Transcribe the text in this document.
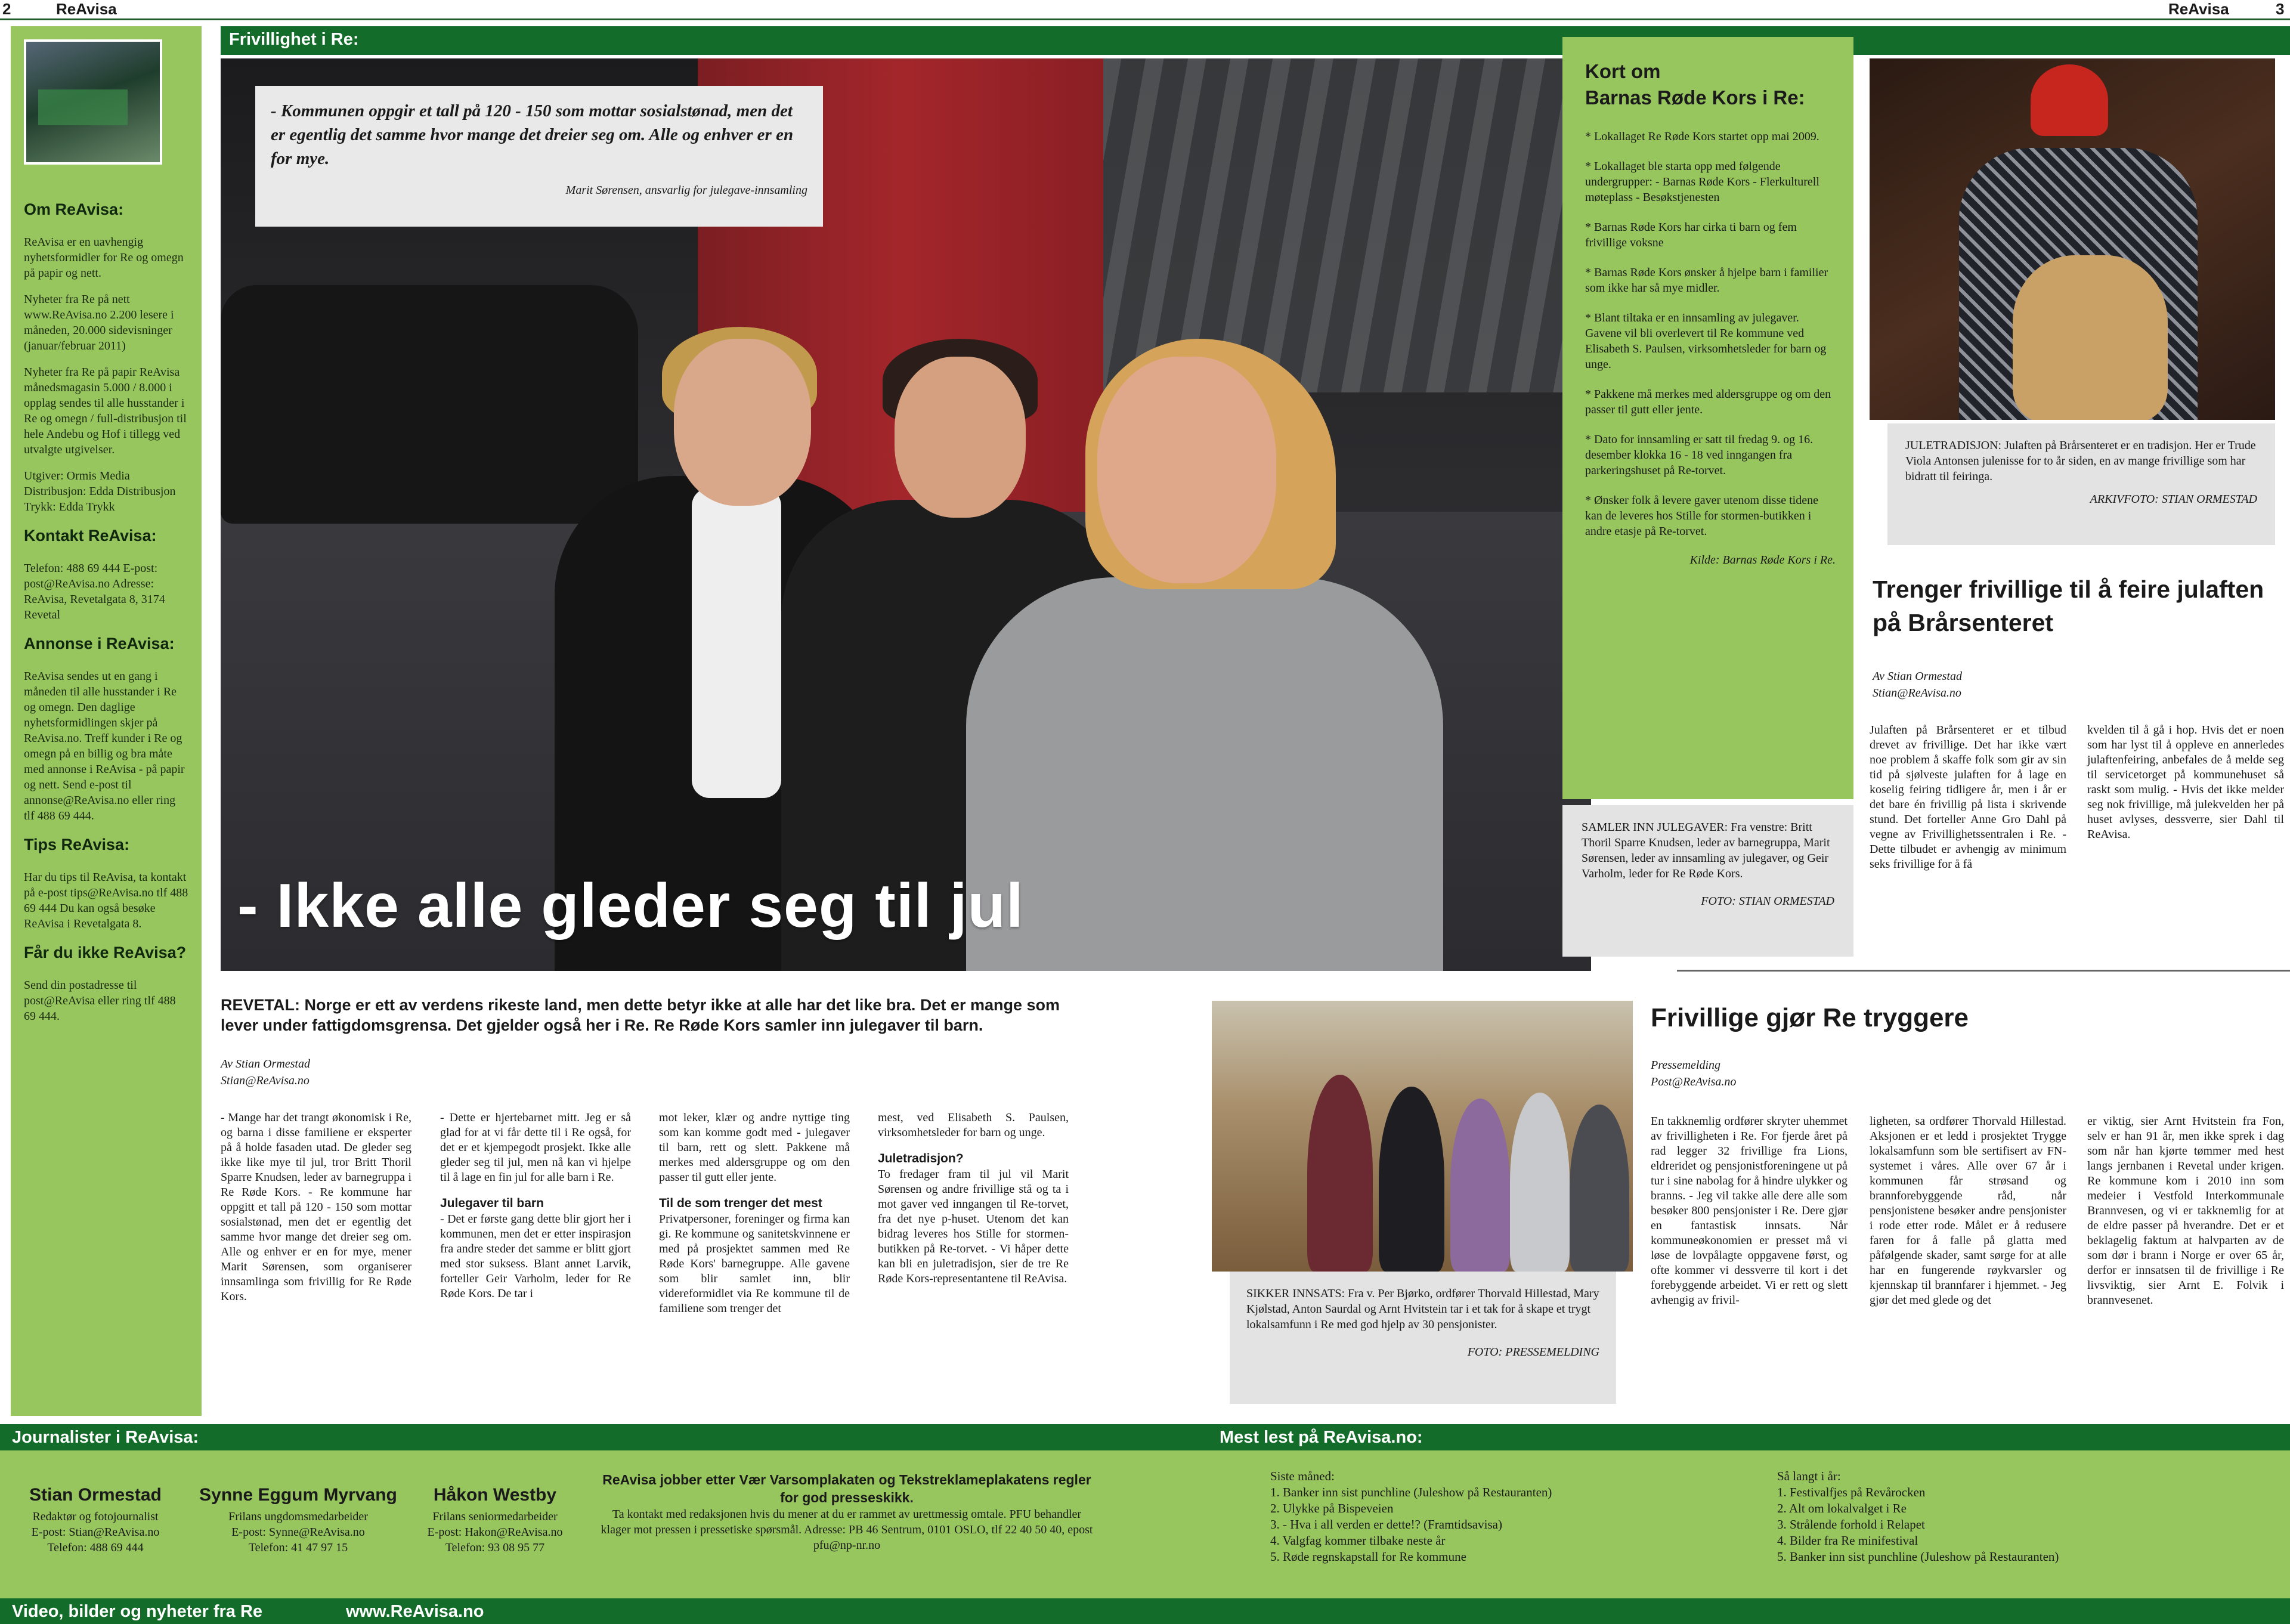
2	ReAvisa	ReAvisa	3
Om ReAvisa:

ReAvisa er en uavhengig nyhetsformidler for Re og omegn på papir og nett.

Nyheter fra Re på nett www.ReAvisa.no 2.200 lesere i måneden, 20.000 sidevisninger (januar/februar 2011)

Nyheter fra Re på papir ReAvisa månedsmagasin 5.000 / 8.000 i opplag sendes til alle husstander i Re og omegn / full-distribusjon til hele Andebu og Hof i tillegg ved utvalgte utgivelser.

Utgiver: Ormis Media Distribusjon: Edda Distribusjon Trykk: Edda Trykk

Kontakt ReAvisa:

Telefon: 488 69 444 E-post: post@ReAvisa.no Adresse: ReAvisa, Revetalgata 8, 3174 Revetal

Annonse i ReAvisa:

ReAvisa sendes ut en gang i måneden til alle husstander i Re og omegn. Den daglige nyhetsformidlingen skjer på ReAvisa.no. Treff kunder i Re og omegn på en billig og bra måte med annonse i ReAvisa - på papir og nett. Send e-post til annonse@ReAvisa.no eller ring tlf 488 69 444.

Tips ReAvisa:

Har du tips til ReAvisa, ta kontakt på e-post tips@ReAvisa.no tlf 488 69 444 Du kan også besøke ReAvisa i Revetalgata 8.

Får du ikke ReAvisa?

Send din postadresse til post@ReAvisa eller ring tlf 488 69 444.

Frivillighet i Re:
- Kommunen oppgir et tall på 120 - 150 som mottar sosialstønad, men det er egentlig det samme hvor mange det dreier seg om. Alle og enhver er en for mye.
Marit Sørensen, ansvarlig for julegave-innsamling
- Ikke alle gleder seg til jul
Kort om
Barnas Røde Kors i Re:
* Lokallaget Re Røde Kors startet opp mai 2009.
* Lokallaget ble starta opp med følgende undergrupper: - Barnas Røde Kors - Flerkulturell møteplass - Besøkstjenesten
* Barnas Røde Kors har cirka ti barn og fem frivillige voksne
* Barnas Røde Kors ønsker å hjelpe barn i familier som ikke har så mye midler.
* Blant tiltaka er en innsamling av julegaver. Gavene vil bli overlevert til Re kommune ved Elisabeth S. Paulsen, virksomhetsleder for barn og unge.
* Pakkene må merkes med aldersgruppe og om den passer til gutt eller jente.
* Dato for innsamling er satt til fredag 9. og 16. desember klokka 16 - 18 ved inngangen fra parkeringshuset på Re-torvet.
* Ønsker folk å levere gaver utenom disse tidene kan de leveres hos Stille for stormen-butikken i andre etasje på Re-torvet.
Kilde: Barnas Røde Kors i Re.
SAMLER INN JULEGAVER: Fra venstre: Britt Thoril Sparre Knudsen, leder av barnegruppa, Marit Sørensen, leder av innsamling av julegaver, og Geir Varholm, leder for Re Røde Kors.
FOTO: STIAN ORMESTAD
JULETRADISJON: Julaften på Brårsenteret er en tradisjon. Her er Trude Viola Antonsen julenisse for to år siden, en av mange frivillige som har bidratt til feiringa.
ARKIVFOTO: STIAN ORMESTAD
Trenger frivillige til å feire julaften på Brårsenteret
Av Stian Ormestad
Stian@ReAvisa.no
Julaften på Brårsenteret er et tilbud drevet av frivillige. Det har ikke vært noe problem å skaffe folk som gir av sin tid på sjølveste julaften for å lage en koselig feiring tidligere år, men i år er det bare én frivillig på lista i skrivende stund. Det forteller Anne Gro Dahl på vegne av Frivillighetssentralen i Re. - Dette tilbudet er avhengig av minimum seks frivillige for å få
kvelden til å gå i hop. Hvis det er noen som har lyst til å oppleve en annerledes julaftenfeiring, anbefales de å melde seg til servicetorget på kommunehuset så raskt som mulig. - Hvis det ikke melder seg nok frivillige, må julekvelden her på huset avlyses, dessverre, sier Dahl til ReAvisa.
REVETAL: Norge er ett av verdens rikeste land, men dette betyr ikke at alle har det like bra. Det er mange som lever under fattigdomsgrensa. Det gjelder også her i Re. Re Røde Kors samler inn julegaver til barn.
Av Stian Ormestad
Stian@ReAvisa.no
- Mange har det trangt økonomisk i Re, og barna i disse familiene er eksperter på å holde fasaden utad. De gleder seg ikke like mye til jul, tror Britt Thoril Sparre Knudsen, leder av barnegruppa i Re Røde Kors. - Re kommune har oppgitt et tall på 120 - 150 som mottar sosialstønad, men det er egentlig det samme hvor mange det dreier seg om. Alle og enhver er en for mye, mener Marit Sørensen, som organiserer innsamlinga som frivillig for Re Røde Kors.
- Dette er hjertebarnet mitt. Jeg er så glad for at vi får dette til i Re også, for det er et kjempegodt prosjekt. Ikke alle gleder seg til jul, men nå kan vi hjelpe til å lage en fin jul for alle barn i Re.
Julegaver til barn
- Det er første gang dette blir gjort her i kommunen, men det er etter inspirasjon fra andre steder det samme er blitt gjort med stor suksess. Blant annet Larvik, forteller Geir Varholm, leder for Re Røde Kors. De tar i
mot leker, klær og andre nyttige ting som kan komme godt med - julegaver til barn, rett og slett. Pakkene må merkes med aldersgruppe og om den passer til gutt eller jente.
Til de som trenger det mest
Privatpersoner, foreninger og firma kan gi. Re kommune og sanitetskvinnene er med på prosjektet sammen med Re Røde Kors' barnegruppe. Alle gavene som blir samlet inn, blir videreformidlet via Re kommune til de familiene som trenger det
mest, ved Elisabeth S. Paulsen, virksomhetsleder for barn og unge.
Juletradisjon?
To fredager fram til jul vil Marit Sørensen og andre frivillige stå og ta i mot gaver ved inngangen til Re-torvet, fra det nye p-huset. Utenom det kan bidrag leveres hos Stille for stormen-butikken på Re-torvet. - Vi håper dette kan bli en juletradisjon, sier de tre Re Røde Kors-representantene til ReAvisa.
SIKKER INNSATS: Fra v. Per Bjørko, ordfører Thorvald Hillestad, Mary Kjølstad, Anton Saurdal og Arnt Hvitstein tar i et tak for å skape et trygt lokalsamfunn i Re med god hjelp av 30 pensjonister.
FOTO: PRESSEMELDING
Frivillige gjør Re tryggere
Pressemelding
Post@ReAvisa.no
En takknemlig ordfører skryter uhemmet av frivilligheten i Re. For fjerde året på rad legger 32 frivillige fra Lions, eldreridet og pensjonistforeningene ut på tur i sine nabolag for å hindre ulykker og branns. - Jeg vil takke alle dere alle som besøker 800 pensjonister i Re. Dere gjør en fantastisk innsats. Når kommuneøkonomien er presset må vi løse de lovpålagte oppgavene først, og ofte kommer vi dessverre til kort i det forebyggende arbeidet. Vi er rett og slett avhengig av frivil-
ligheten, sa ordfører Thorvald Hillestad. Aksjonen er et ledd i prosjektet Trygge lokalsamfunn som ble sertifisert av FN-systemet i våres. Alle over 67 år i kommunen får strøsand og brannforebyggende råd, når pensjonistene besøker andre pensjonister i rode etter rode. Målet er å redusere faren for å falle på glatta med påfølgende skader, samt sørge for at alle har en fungerende røykvarsler og kjennskap til brannfarer i hjemmet. - Jeg gjør det med glede og det
er viktig, sier Arnt Hvitstein fra Fon, selv er han 91 år, men ikke sprek i dag som når han kjørte tømmer med hest langs jernbanen i Revetal under krigen. Re kommune kom i 2010 inn som medeier i Vestfold Interkommunale Brannvesen, og vi er takknemlig for at de eldre passer på hverandre. Det er et beklagelig faktum at halvparten av de som dør i brann i Norge er over 65 år, derfor er innsatsen til de frivillige i Re livsviktig, sier Arnt E. Folvik i brannvesenet.
Journalister i ReAvisa:	Mest lest på ReAvisa.no:
Stian Ormestad
Redaktør og fotojournalist
E-post: Stian@ReAvisa.no
Telefon: 488 69 444
Synne Eggum Myrvang
Frilans ungdomsmedarbeider
E-post: Synne@ReAvisa.no
Telefon: 41 47 97 15
Håkon Westby
Frilans seniormedarbeider
E-post: Hakon@ReAvisa.no
Telefon: 93 08 95 77
Siste måned:
1. Banker inn sist punchline (Juleshow på Restauranten)
2. Ulykke på Bispeveien
3. - Hva i all verden er dette!? (Framtidsavisa)
4. Valgfag kommer tilbake neste år
5. Røde regnskapstall for Re kommune
Så langt i år:
1. Festivalfjes på Revårocken
2. Alt om lokalvalget i Re
3. Strålende forhold i Relapet
4. Bilder fra Re minifestival
5. Banker inn sist punchline (Juleshow på Restauranten)
ReAvisa jobber etter Vær Varsomplakaten og Tekstreklameplakatens regler for god presseskikk.
Ta kontakt med redaksjonen hvis du mener at du er rammet av urettmessig omtale. PFU behandler klager mot pressen i pressetiske spørsmål. Adresse: PB 46 Sentrum, 0101 OSLO, tlf 22 40 50 40, epost pfu@np-nr.no
Video, bilder og nyheter fra Re	www.ReAvisa.no
